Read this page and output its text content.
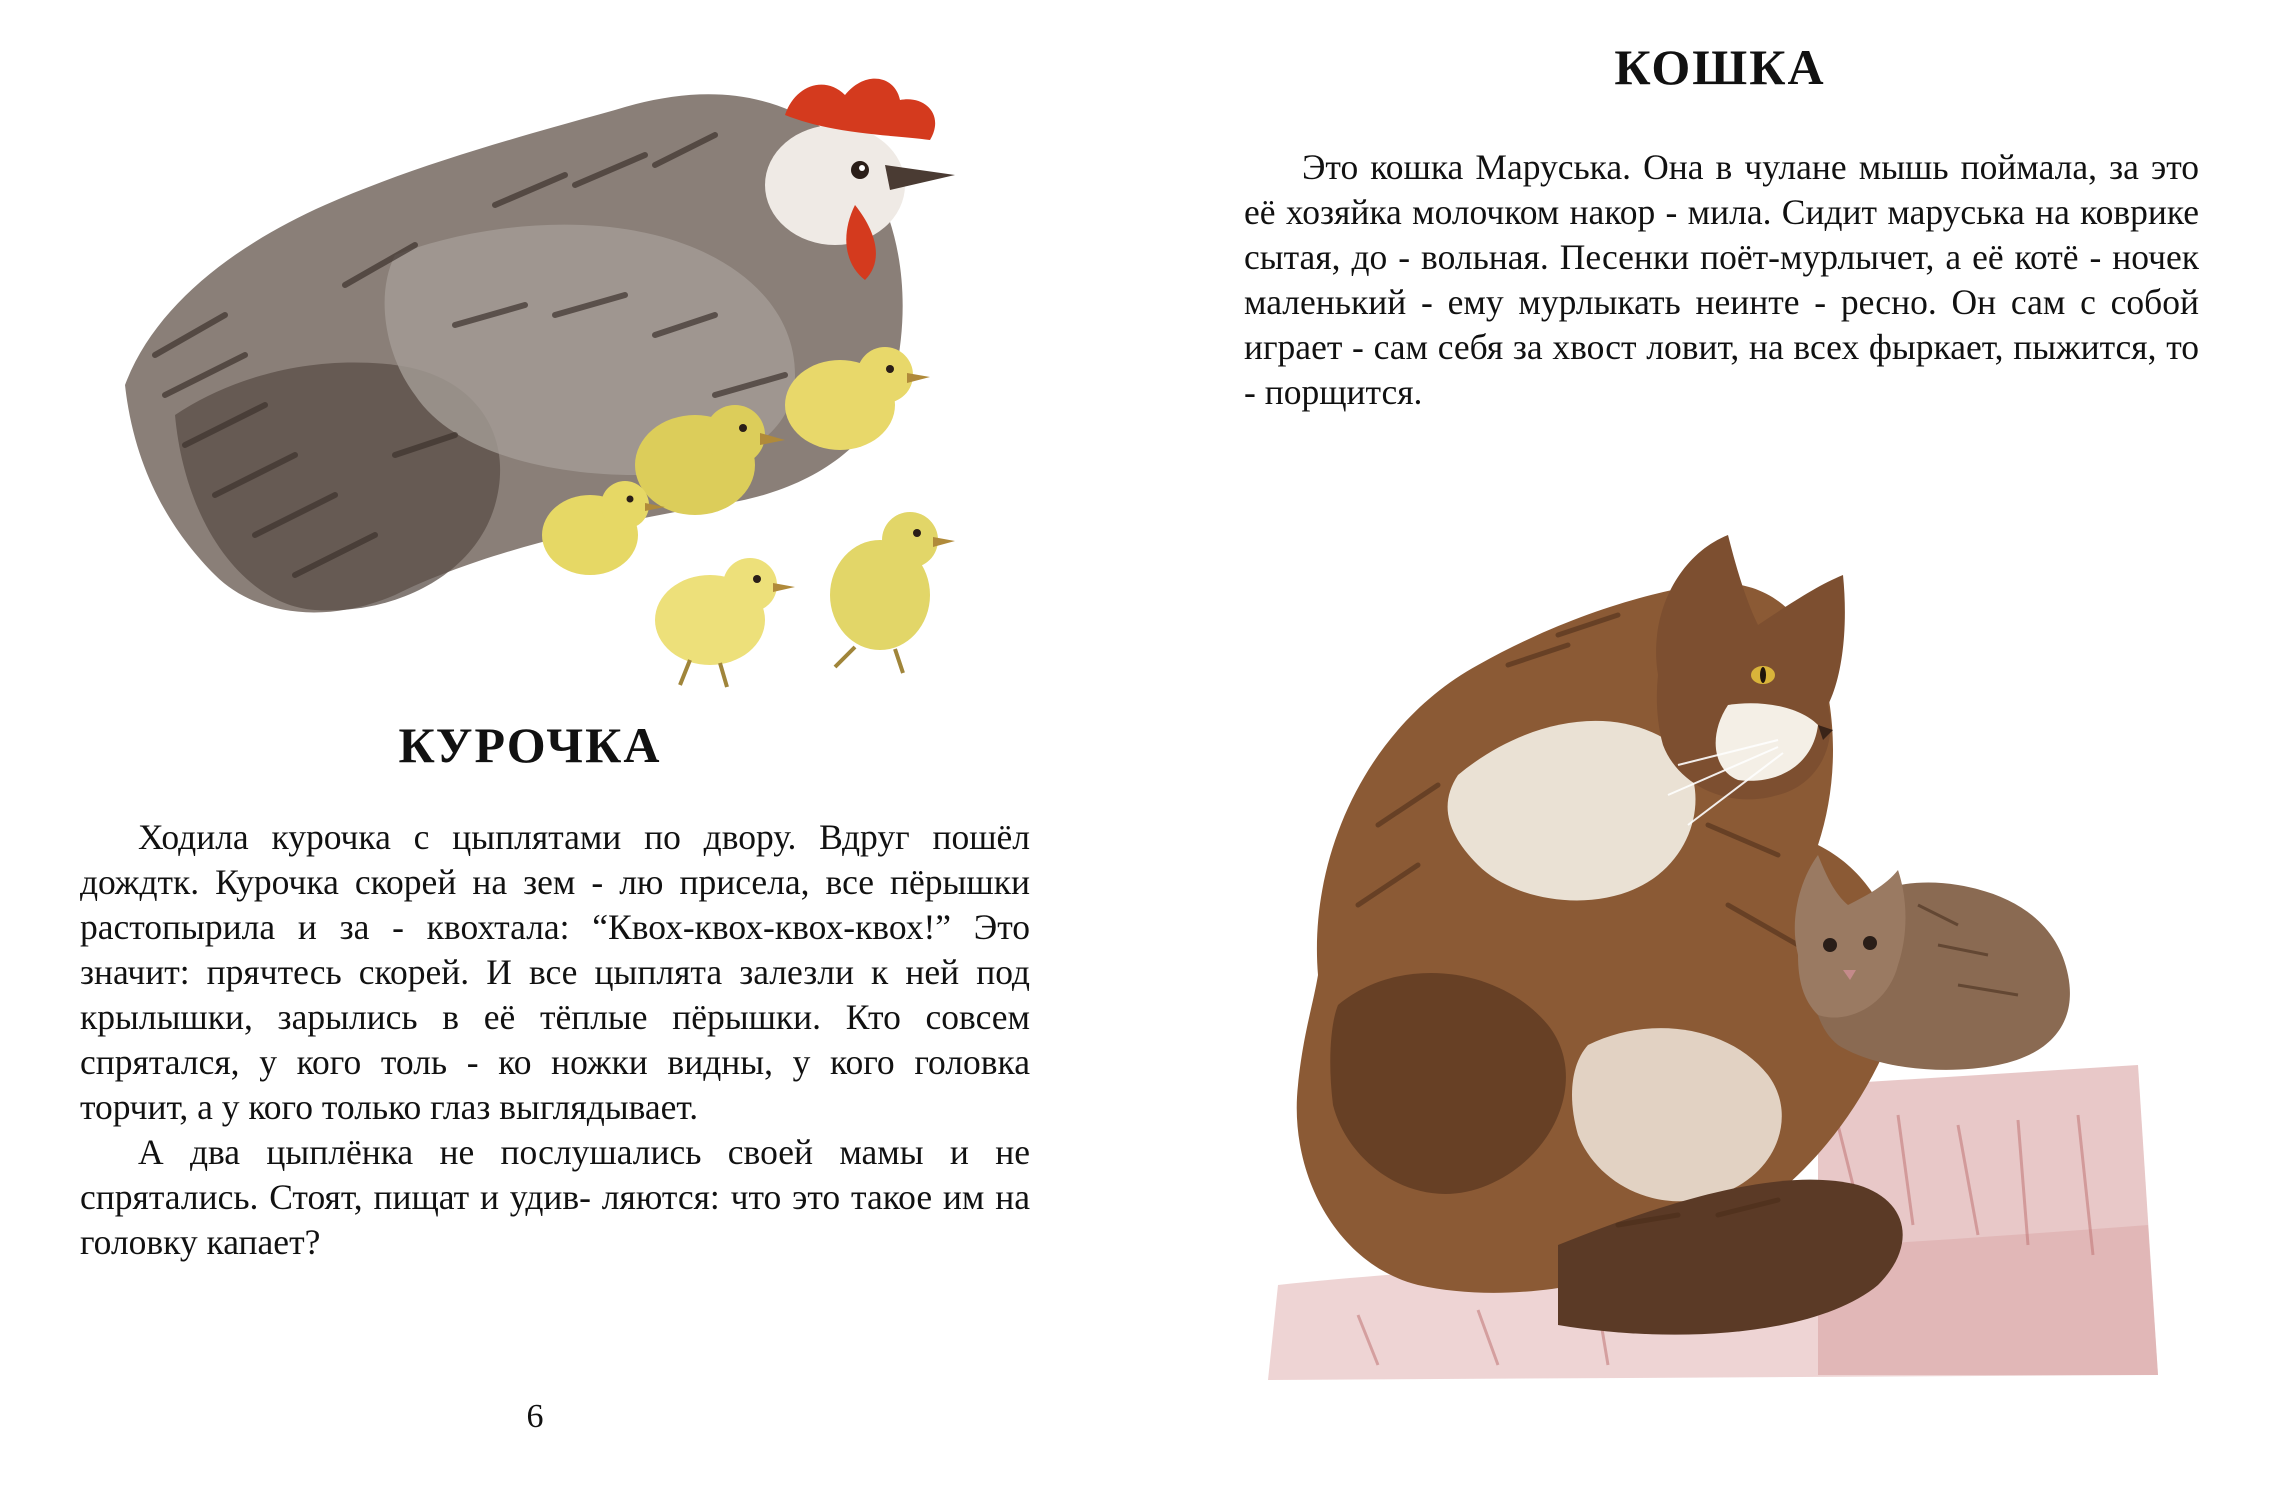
КУРОЧКА

Ходила курочка с цыплятами по двору. Вдруг пошёл дождтк. Курочка скорей на зем - лю присела, все пёрышки растопырила и за - квохтала: “Квох-квох-квох-квох!” Это значит: прячтесь скорей. И все цыплята залезли к ней под крылышки, зарылись в её тёплые пёрышки. Кто совсем спрятался, у кого толь - ко ножки видны, у кого головка торчит, а у кого только глаз выглядывает.

А два цыплёнка не послушались своей мамы и не спрятались. Стоят, пищат и удив- ляются: что это такое им на головку капает?

6
КОШКА

Это кошка Маруська. Она в чулане мышь поймала, за это её хозяйка молочком накор - мила. Сидит маруська на коврике сытая, до - вольная. Песенки поёт-мурлычет, а её котё - ночек маленький - ему мурлыкать неинте - ресно. Он сам с собой играет - сам себя за хвост ловит, на всех фыркает, пыжится, то - порщится.
